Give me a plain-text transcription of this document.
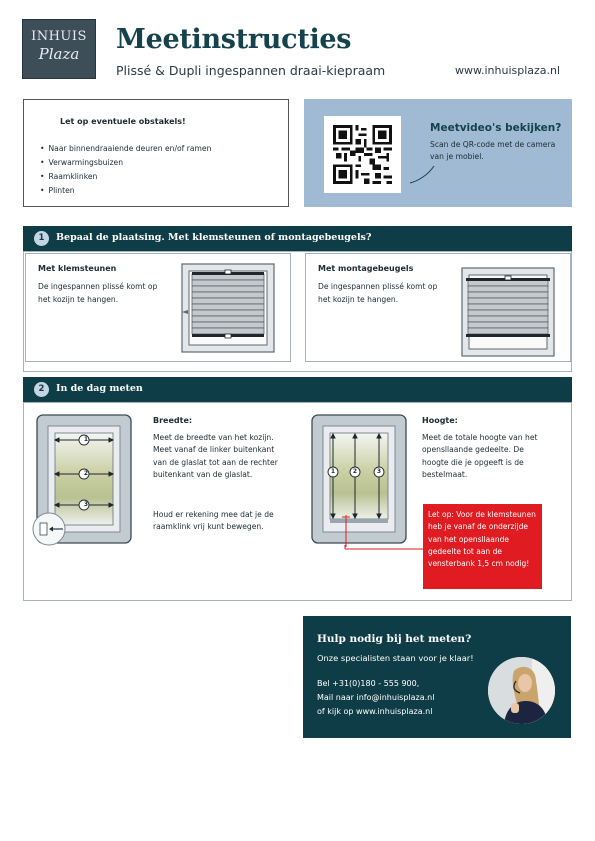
INHUIS
Plaza	Meetinstructies
Plissé & Dupli ingespannen draai-kiepraam	www.inhuisplaza.nl
Let op eventuele obstakels!
• Naar binnendraaiende deuren en/of ramen
• Verwarmingsbuizen
• Raamklinken
• Plinten
Meetvideo's bekijken?
Scan de QR-code met de camera van je mobiel.
1	Bepaal de plaatsing. Met klemsteunen of montagebeugels?
Met klemsteunen
De ingespannen plissé komt op het kozijn te hangen.
Met montagebeugels
De ingespannen plissé komt op het kozijn te hangen.
2	In de dag meten
1
2
3
Breedte:
Meet de breedte van het kozijn. Meet vanaf de linker buitenkant van de glaslat tot aan de rechter buitenkant van de glaslat.
Houd er rekening mee dat je de raamklink vrij kunt bewegen.
1	2	3
Hoogte:
Meet de totale hoogte van het opensllaande gedeelte. De hoogte die je opgeeft is de bestelmaat.
Let op: Voor de klemsteunen heb je vanaf de onderzijde van het opensllaande gedeelte tot aan de vensterbank 1,5 cm nodig!
Hulp nodig bij het meten?
Onze specialisten staan voor je klaar!
Bel +31(0)180 - 555 900,
Mail naar info@inhuisplaza.nl
of kijk op www.inhuisplaza.nl
